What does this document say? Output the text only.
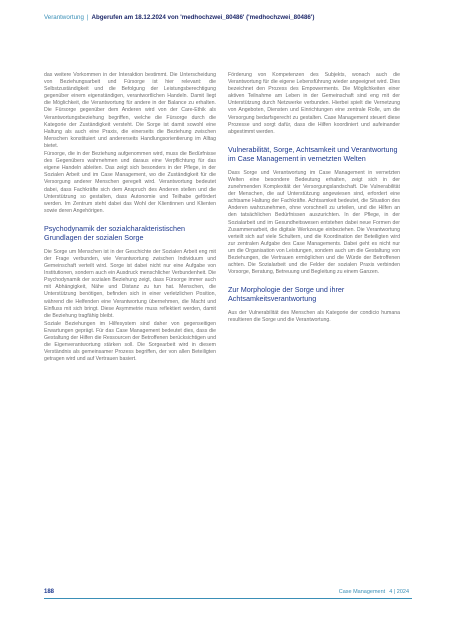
Verantwortung | Abgerufen am 18.12.2024 von 'medhochzwei_80486' ('medhochzwei_80486')

das weitere Vorkommen in der Interaktion bestimmt. Die Unterscheidung von Beziehungsarbeit und Fürsorge ist hier relevant: die Selbstzuständigkeit und die Befolgung der Leistungsberechtigung gegenüber einem eigenständigen, verantwortlichen Handeln. Damit liegt die Möglichkeit, die Verantwortung für andere in der Balance zu erhalten. Die Fürsorge gegenüber dem Anderen wird von der Care-Ethik als Verantwortungsbeziehung begriffen, welche die Fürsorge durch die Kategorie der Zuständigkeit versteht. Die Sorge ist damit sowohl eine Haltung als auch eine Praxis, die einerseits die Beziehung zwischen Menschen konstituiert und andererseits Handlungsorientierung im Alltag bietet.

Fürsorge, die in der Beziehung aufgenommen wird, muss die Bedürfnisse des Gegenübers wahrnehmen und daraus eine Verpflichtung für das eigene Handeln ableiten. Das zeigt sich besonders in der Pflege, in der Sozialen Arbeit und im Case Management, wo die Zuständigkeit für die Versorgung anderer Menschen geregelt wird. Verantwortung bedeutet dabei, dass Fachkräfte sich dem Anspruch des Anderen stellen und die Unterstützung so gestalten, dass Autonomie und Teilhabe gefördert werden. Im Zentrum steht dabei das Wohl der Klientinnen und Klienten sowie deren Angehörigen.

Psychodynamik der sozialcharakteristischen Grundlagen der sozialen Sorge

Die Sorge um Menschen ist in der Geschichte der Sozialen Arbeit eng mit der Frage verbunden, wie Verantwortung zwischen Individuum und Gemeinschaft verteilt wird. Sorge ist dabei nicht nur eine Aufgabe von Institutionen, sondern auch ein Ausdruck menschlicher Verbundenheit. Die Psychodynamik der sozialen Beziehung zeigt, dass Fürsorge immer auch mit Abhängigkeit, Nähe und Distanz zu tun hat. Menschen, die Unterstützung benötigen, befinden sich in einer verletzlichen Position, während die Helfenden eine Verantwortung übernehmen, die Macht und Einfluss mit sich bringt. Diese Asymmetrie muss reflektiert werden, damit die Beziehung tragfähig bleibt.

Soziale Beziehungen im Hilfesystem sind daher von gegenseitigen Erwartungen geprägt. Für das Case Management bedeutet dies, dass die Gestaltung der Hilfen die Ressourcen der Betroffenen berücksichtigen und die Eigenverantwortung stärken soll. Die Sorgearbeit wird in diesem Verständnis als gemeinsamer Prozess begriffen, der von allen Beteiligten getragen wird und auf Vertrauen basiert.

Förderung von Kompetenzen des Subjekts, wonach auch die Verantwortung für die eigene Lebensführung wieder angeeignet wird. Dies bezeichnet den Prozess des Empowerments. Die Möglichkeiten einer aktiven Teilnahme am Leben in der Gemeinschaft sind eng mit der Unterstützung durch Netzwerke verbunden. Hierbei spielt die Vernetzung von Angeboten, Diensten und Einrichtungen eine zentrale Rolle, um die Versorgung bedarfsgerecht zu gestalten. Case Management steuert diese Prozesse und sorgt dafür, dass die Hilfen koordiniert und aufeinander abgestimmt werden.

Vulnerabilität, Sorge, Achtsamkeit und Verantwortung im Case Management in vernetzten Welten

Dass Sorge und Verantwortung im Case Management in vernetzten Welten eine besondere Bedeutung erhalten, zeigt sich in der zunehmenden Komplexität der Versorgungslandschaft. Die Vulnerabilität der Menschen, die auf Unterstützung angewiesen sind, erfordert eine achtsame Haltung der Fachkräfte. Achtsamkeit bedeutet, die Situation des Anderen wahrzunehmen, ohne vorschnell zu urteilen, und die Hilfen an den tatsächlichen Bedürfnissen auszurichten. In der Pflege, in der Sozialarbeit und im Gesundheitswesen entstehen dabei neue Formen der Zusammenarbeit, die digitale Werkzeuge einbeziehen. Die Verantwortung verteilt sich auf viele Schultern, und die Koordination der Beteiligten wird zur zentralen Aufgabe des Case Managements. Dabei geht es nicht nur um die Organisation von Leistungen, sondern auch um die Gestaltung von Beziehungen, die Vertrauen ermöglichen und die Würde der Betroffenen achten. Die Sozialarbeit und die Felder der sozialen Praxis verbinden Vorsorge, Beratung, Betreuung und Begleitung zu einem Ganzen.

Zur Morphologie der Sorge und ihrer Achtsamkeitsverantwortung

Aus der Vulnerabilität des Menschen als Kategorie der condicio humana resultieren die Sorge und die Verantwortung.

188	Case Management 4 | 2024
